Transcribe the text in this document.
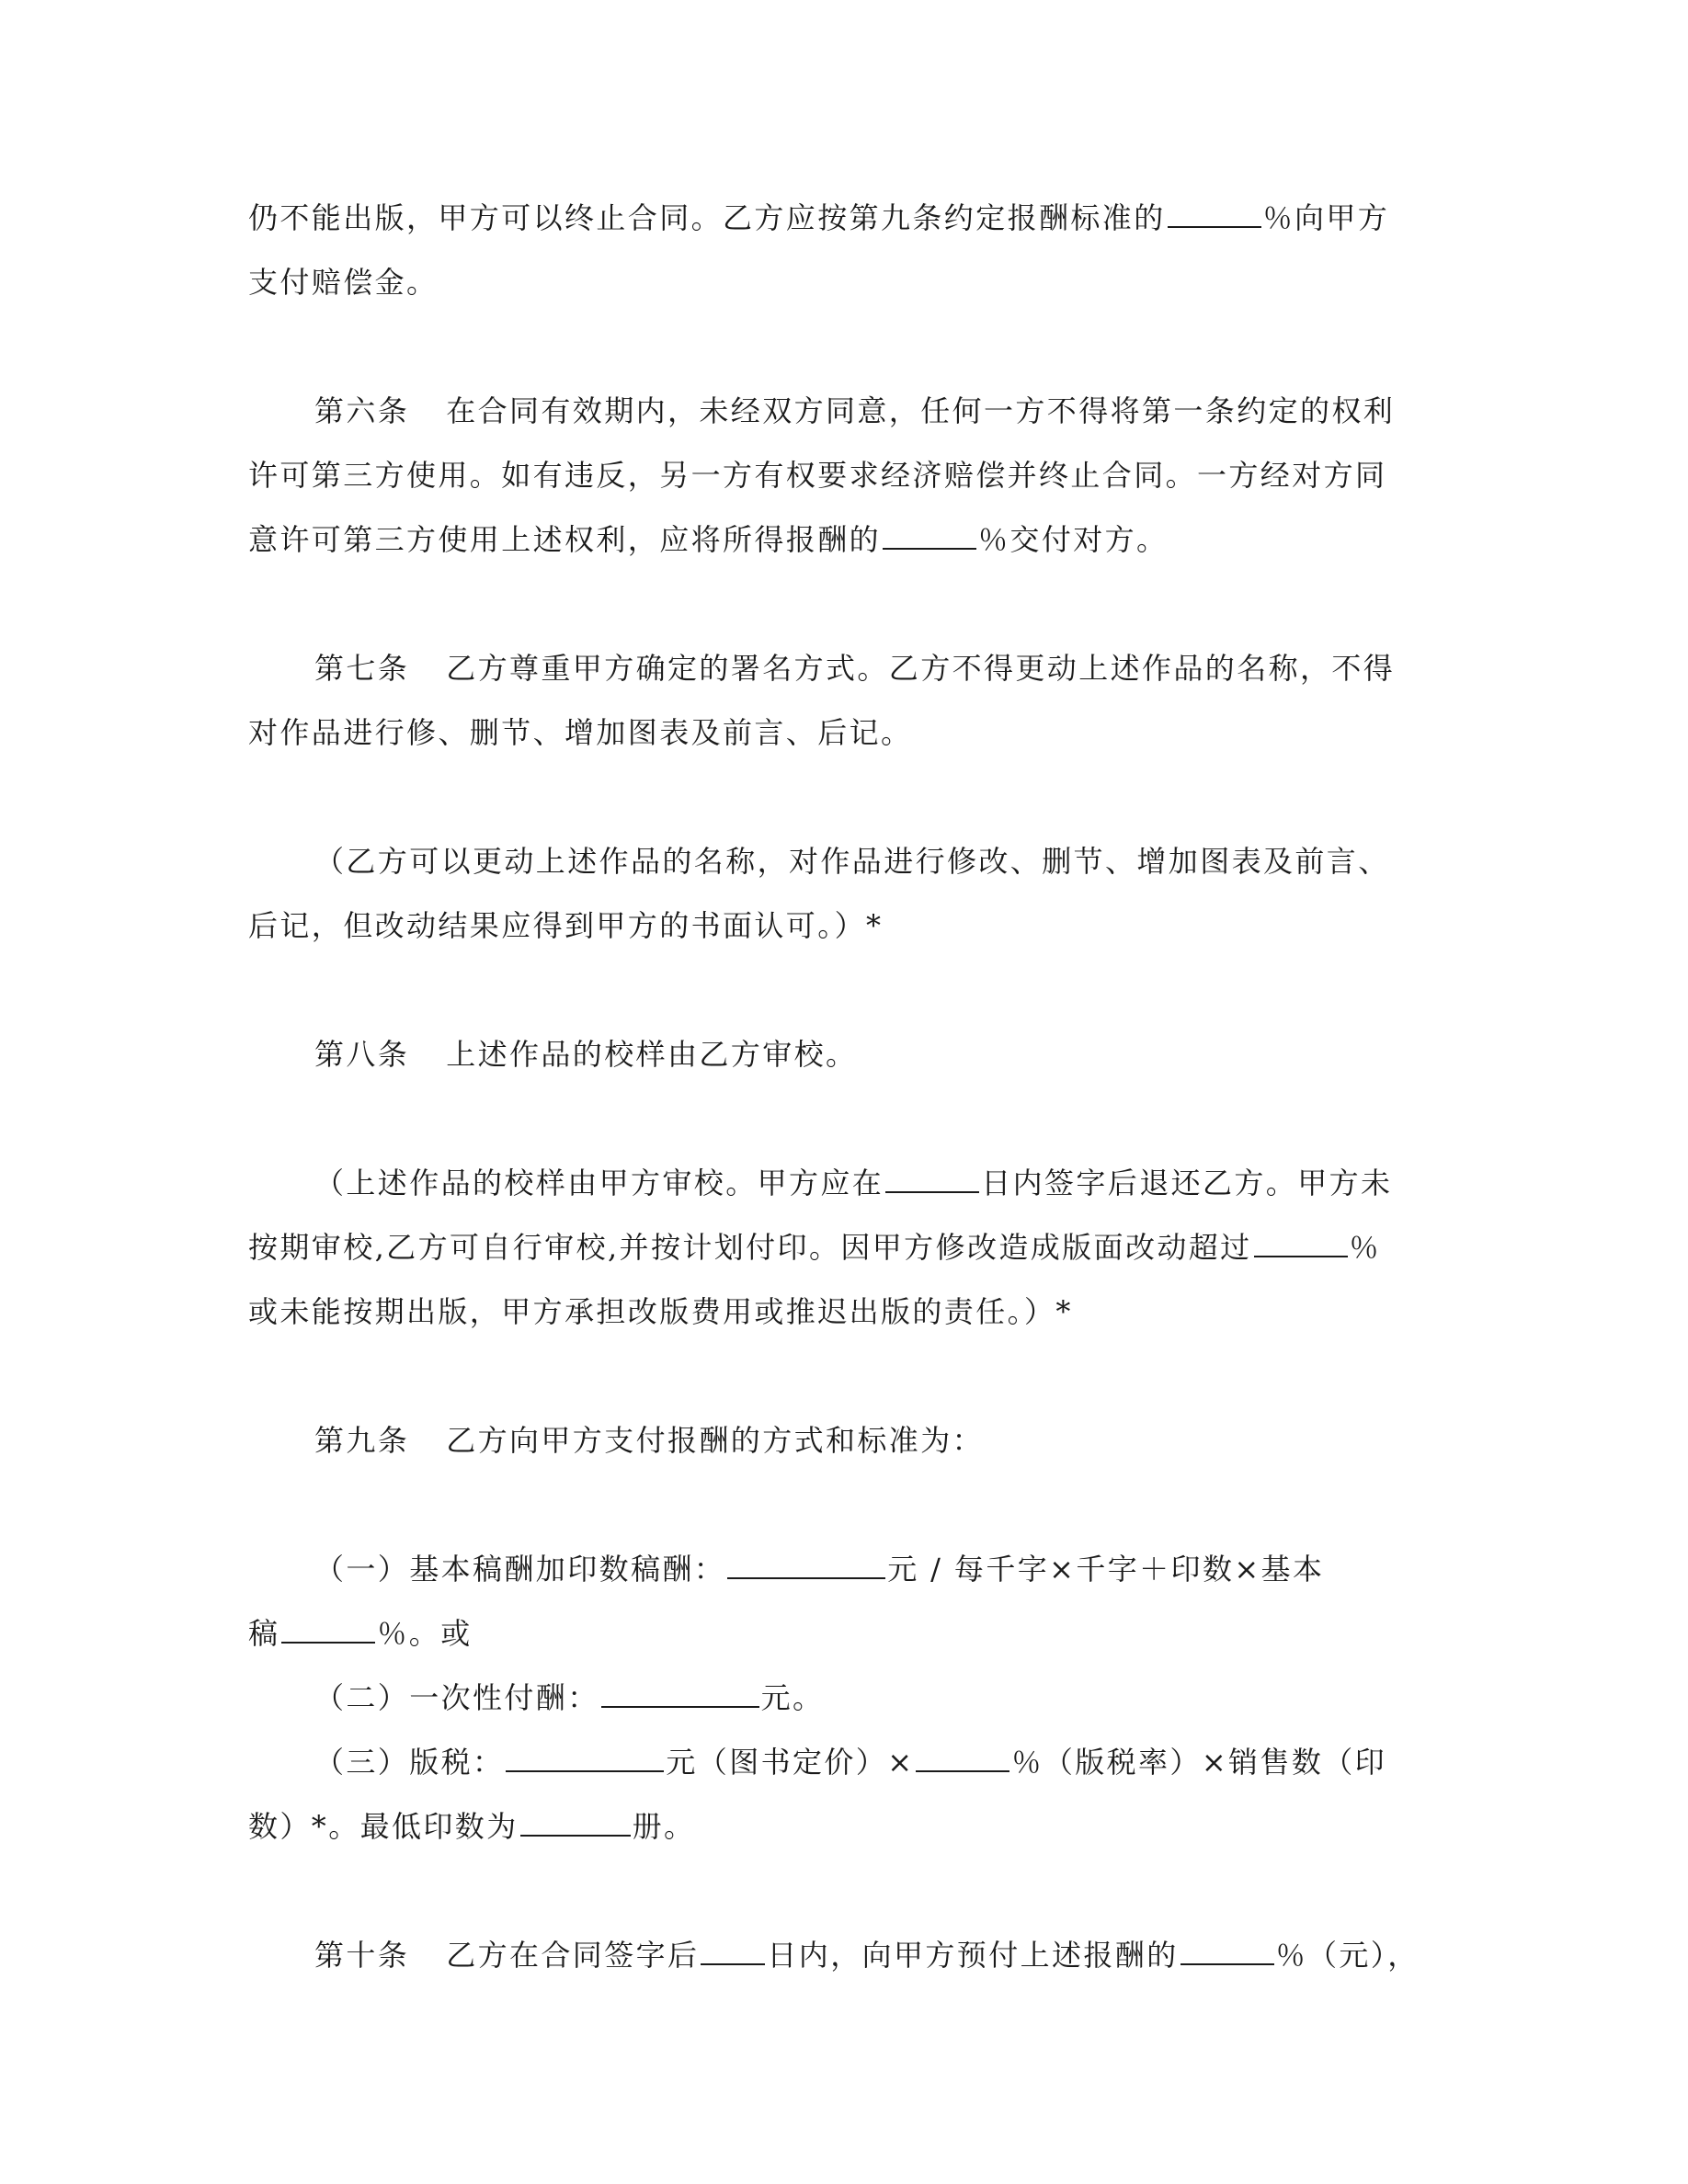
仍不能出版，甲方可以终止合同。乙方应按第九条约定报酬标准的	％向甲方
支付赔偿金。
第六条 在合同有效期内，未经双方同意，任何一方不得将第一条约定的权利
许可第三方使用。如有违反，另一方有权要求经济赔偿并终止合同。一方经对方同
意许可第三方使用上述权利，应将所得报酬的	％交付对方。
第七条 乙方尊重甲方确定的署名方式。乙方不得更动上述作品的名称，不得
对作品进行修、删节、增加图表及前言、后记。
（乙方可以更动上述作品的名称，对作品进行修改、删节、增加图表及前言、
后记，但改动结果应得到甲方的书面认可。）*
第八条 上述作品的校样由乙方审校。
（上述作品的校样由甲方审校。甲方应在	日内签字后退还乙方。甲方未
按期审校,乙方可自行审校,并按计划付印。因甲方修改造成版面改动超过	％
或未能按期出版，甲方承担改版费用或推迟出版的责任。）*
第九条 乙方向甲方支付报酬的方式和标准为：
（一）基本稿酬加印数稿酬：	元 / 每千字×千字＋印数×基本
稿	％。或
（二）一次性付酬：	元。
（三）版税：	元（图书定价）×	％（版税率）×销售数（印
数）*。最低印数为	册。
第十条 乙方在合同签字后 日内，向甲方预付上述报酬的	％（元），
